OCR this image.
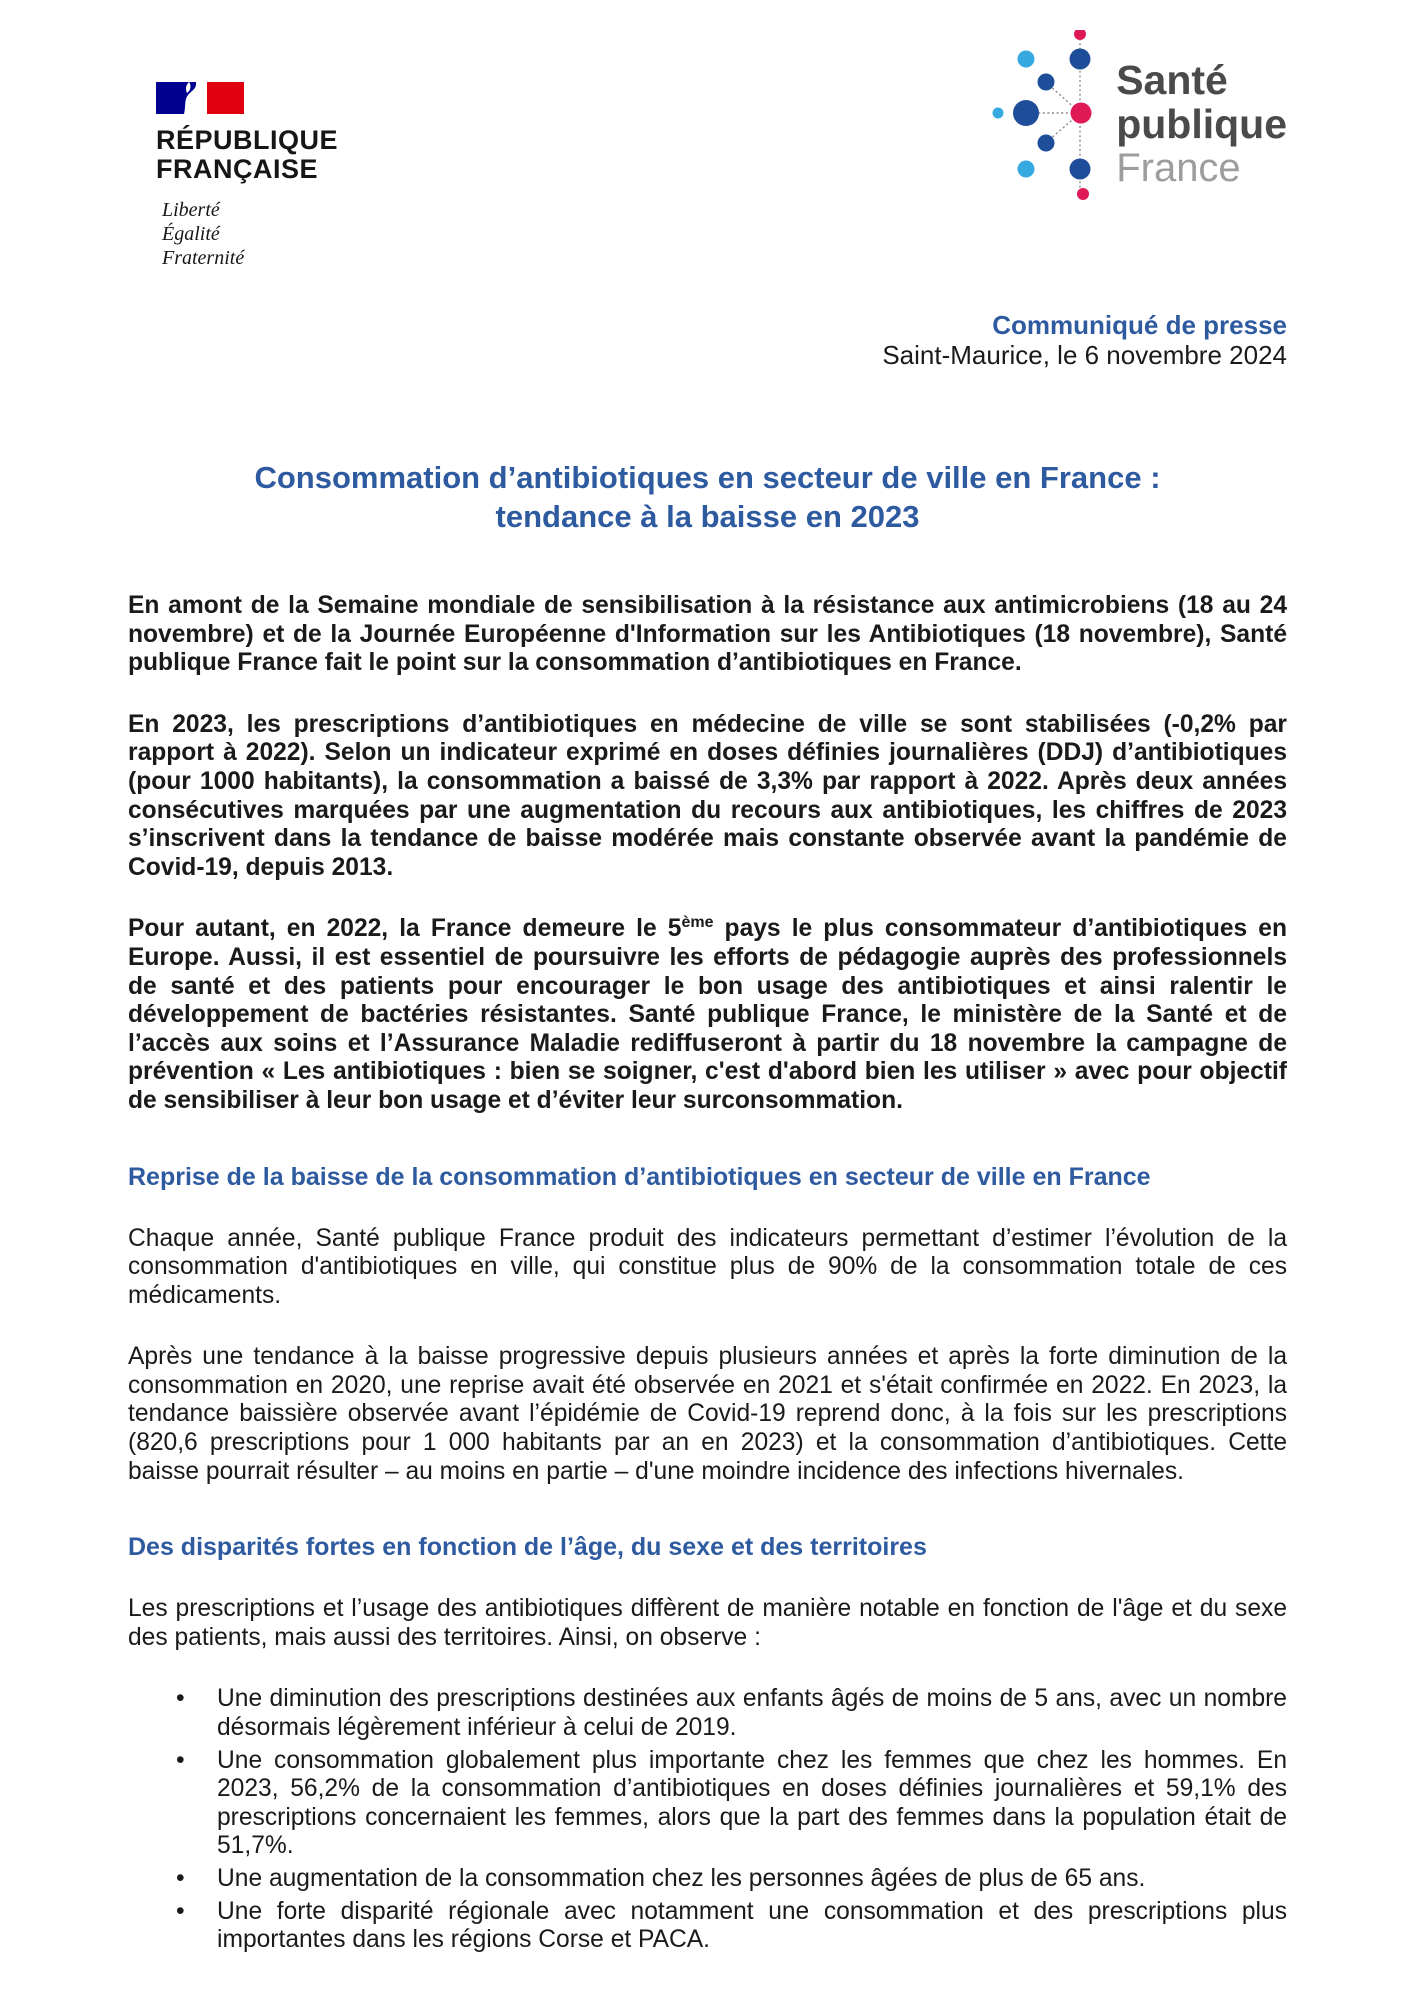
RÉPUBLIQUE
FRANÇAISE
Liberté
Égalité
Fraternité
Santé
publique
France
Communiqué de presse
Saint-Maurice, le 6 novembre 2024
Consommation d’antibiotiques en secteur de ville en France :
tendance à la baisse en 2023

En amont de la Semaine mondiale de sensibilisation à la résistance aux antimicrobiens (18 au 24 novembre) et de la Journée Européenne d'Information sur les Antibiotiques (18 novembre), Santé publique France fait le point sur la consommation d’antibiotiques en France.

En 2023, les prescriptions d’antibiotiques en médecine de ville se sont stabilisées (-0,2% par rapport à 2022). Selon un indicateur exprimé en doses définies journalières (DDJ) d’antibiotiques (pour 1000 habitants), la consommation a baissé de 3,3% par rapport à 2022. Après deux années consécutives marquées par une augmentation du recours aux antibiotiques, les chiffres de 2023 s’inscrivent dans la tendance de baisse modérée mais constante observée avant la pandémie de Covid-19, depuis 2013.

Pour autant, en 2022, la France demeure le 5ème pays le plus consommateur d’antibiotiques en Europe. Aussi, il est essentiel de poursuivre les efforts de pédagogie auprès des professionnels de santé et des patients pour encourager le bon usage des antibiotiques et ainsi ralentir le développement de bactéries résistantes. Santé publique France, le ministère de la Santé et de l’accès aux soins et l’Assurance Maladie rediffuseront à partir du 18 novembre la campagne de prévention « Les antibiotiques : bien se soigner, c'est d'abord bien les utiliser » avec pour objectif de sensibiliser à leur bon usage et d’éviter leur surconsommation.

Reprise de la baisse de la consommation d’antibiotiques en secteur de ville en France

Chaque année, Santé publique France produit des indicateurs permettant d’estimer l’évolution de la consommation d'antibiotiques en ville, qui constitue plus de 90% de la consommation totale de ces médicaments.

Après une tendance à la baisse progressive depuis plusieurs années et après la forte diminution de la consommation en 2020, une reprise avait été observée en 2021 et s'était confirmée en 2022. En 2023, la tendance baissière observée avant l’épidémie de Covid-19 reprend donc, à la fois sur les prescriptions (820,6 prescriptions pour 1 000 habitants par an en 2023) et la consommation d’antibiotiques. Cette baisse pourrait résulter – au moins en partie – d'une moindre incidence des infections hivernales.

Des disparités fortes en fonction de l’âge, du sexe et des territoires

Les prescriptions et l’usage des antibiotiques diffèrent de manière notable en fonction de l'âge et du sexe des patients, mais aussi des territoires. Ainsi, on observe :

• Une diminution des prescriptions destinées aux enfants âgés de moins de 5 ans, avec un nombre désormais légèrement inférieur à celui de 2019.
• Une consommation globalement plus importante chez les femmes que chez les hommes. En 2023, 56,2% de la consommation d’antibiotiques en doses définies journalières et 59,1% des prescriptions concernaient les femmes, alors que la part des femmes dans la population était de 51,7%.
• Une augmentation de la consommation chez les personnes âgées de plus de 65 ans.
• Une forte disparité régionale avec notamment une consommation et des prescriptions plus importantes dans les régions Corse et PACA.
